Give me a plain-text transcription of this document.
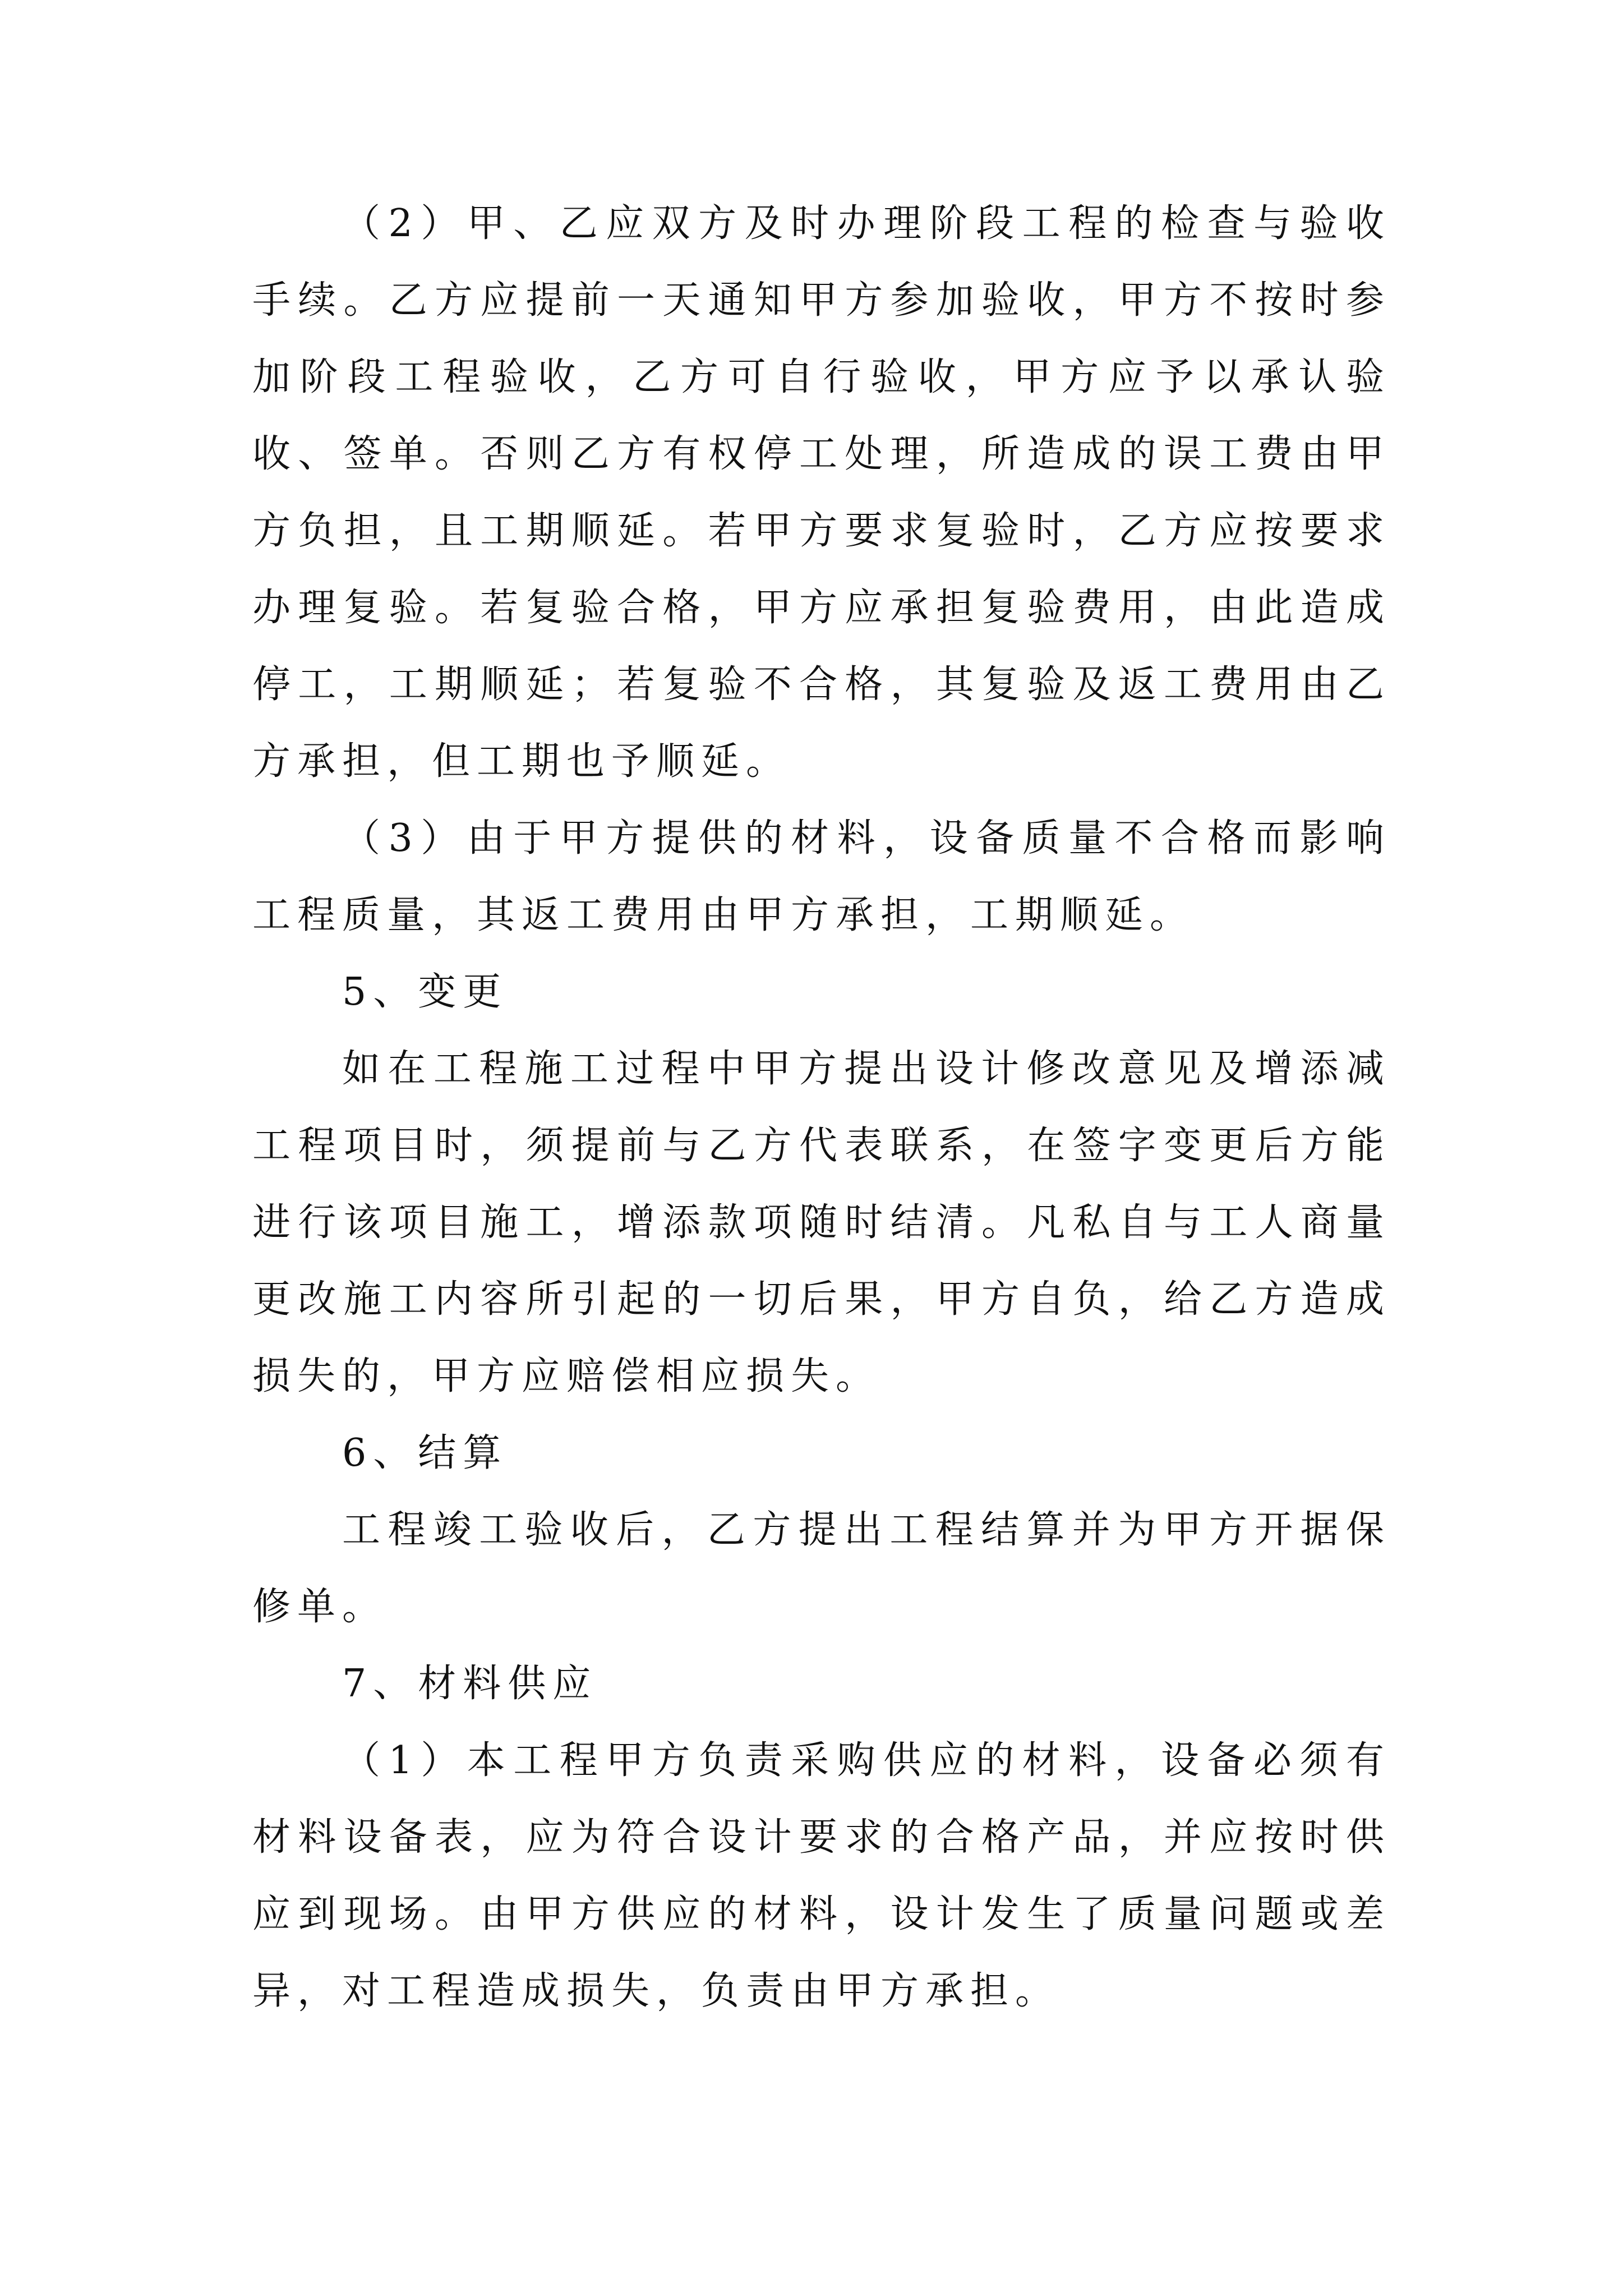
（2）甲、乙应双方及时办理阶段工程的检查与验收手续。乙方应提前一天通知甲方参加验收，甲方不按时参加阶段工程验收，乙方可自行验收，甲方应予以承认验收、签单。否则乙方有权停工处理，所造成的误工费由甲方负担，且工期顺延。若甲方要求复验时，乙方应按要求办理复验。若复验合格，甲方应承担复验费用，由此造成停工，工期顺延；若复验不合格，其复验及返工费用由乙方承担，但工期也予顺延。

（3）由于甲方提供的材料，设备质量不合格而影响工程质量，其返工费用由甲方承担，工期顺延。

5、变更

如在工程施工过程中甲方提出设计修改意见及增添减工程项目时，须提前与乙方代表联系，在签字变更后方能进行该项目施工，增添款项随时结清。凡私自与工人商量更改施工内容所引起的一切后果，甲方自负，给乙方造成损失的，甲方应赔偿相应损失。

6、结算

工程竣工验收后，乙方提出工程结算并为甲方开据保修单。

7、材料供应

（1）本工程甲方负责采购供应的材料，设备必须有材料设备表，应为符合设计要求的合格产品，并应按时供应到现场。由甲方供应的材料，设计发生了质量问题或差异，对工程造成损失，负责由甲方承担。
